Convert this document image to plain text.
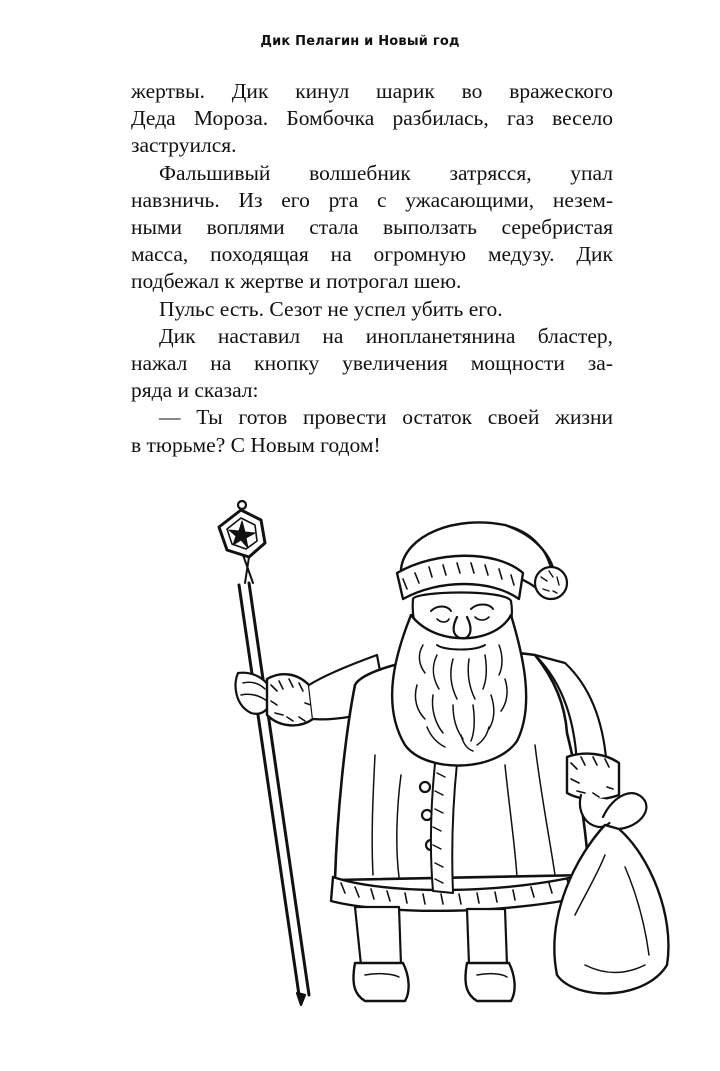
Дик Пелагин и Новый год

жертвы. Дик кинул шарик во вражеского
Деда Мороза. Бомбочка разбилась, газ весело
заструился.

Фальшивый волшебник затрясся, упал
навзничь. Из его рта с ужасающими, незем-
ными воплями стала выползать серебристая
масса, походящая на огромную медузу. Дик
подбежал к жертве и потрогал шею.

Пульс есть. Сезот не успел убить его.

Дик наставил на инопланетянина бластер,
нажал на кнопку увеличения мощности за-
ряда и сказал:

— Ты готов провести остаток своей жизни
в тюрьме? С Новым годом!
